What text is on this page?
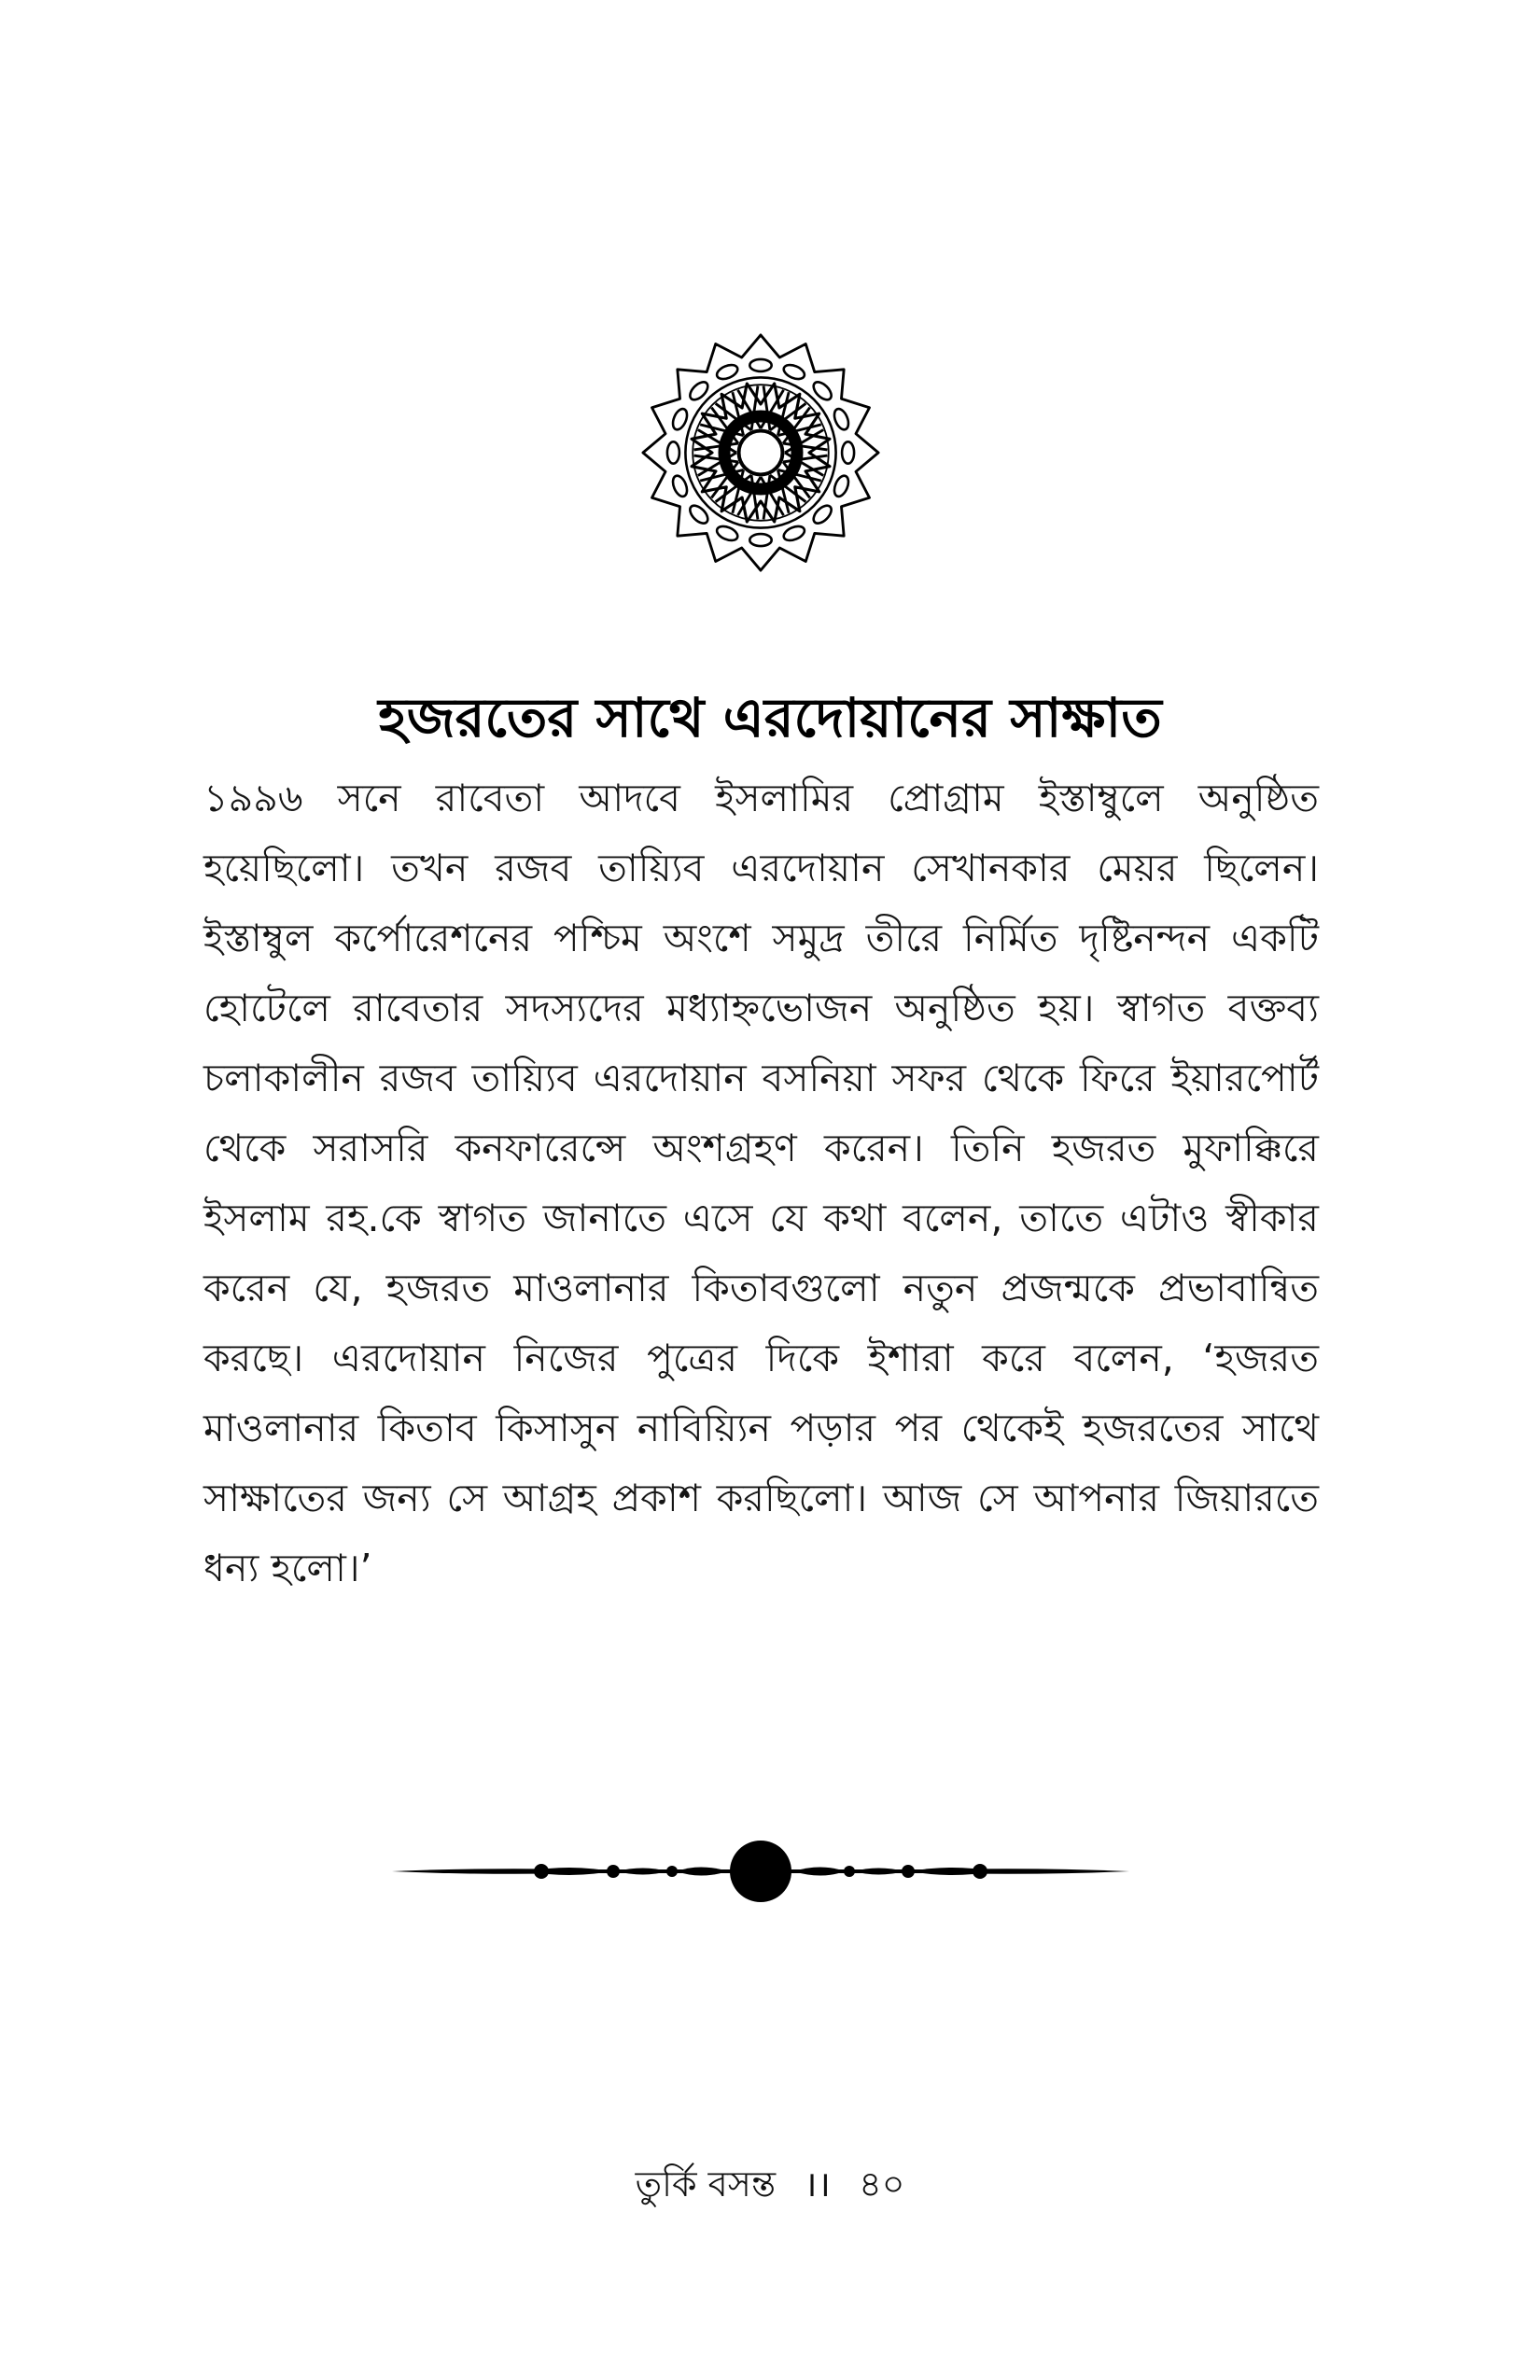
হজরতের সাথে এরদোয়ানের সাক্ষাত

১৯৯৬ সনে রাবেতা আদবে ইসলামির প্রোগ্রাম ইস্তাম্বুলে অনুষ্ঠিত হয়েছিলো। তখন রজব তায়্যিব এরদোয়ান সেখানকার মেয়র ছিলেন। ইস্তাম্বুল কর্পোরেশনের পশ্চিম অংশে সমুদ্র তীরে নির্মিত দৃষ্টিনন্দন একটি হোটেলে রাবেতার সদস্যদের মধ্যাহ্নভোজন অনুষ্ঠিত হয়। স্বাগত বক্তব্য চলাকালীন রজব তায়্যিব এরদোয়ান বসনিয়া সফর থেকে ফিরে ইয়ারপোর্ট থেকে সরাসরি কনফারেন্সে অংশগ্রহণ করেন। তিনি হজরত মুফাক্কিরে ইসলাম রহ.কে স্বাগত জানাতে এসে যে কথা বলেন, তাতে এটাও স্বীকার করেন যে, হজরত মাওলানার কিতাবগুলো নতুন প্রজন্মকে প্রভাবান্বিত করছে। এরদোয়ান নিজের পুত্রের দিকে ইশারা করে বলেন, ‘হজরত মাওলানার কিতাব কিসাসুন নাবিয়্যিন পড়ার পর থেকেই হজরতের সাথে সাক্ষাতের জন্য সে আগ্রহ প্রকাশ করছিলো। আজ সে আপনার জিয়ারতে ধন্য হলো।’

তুর্কি বসন্ত ।। ৪০
